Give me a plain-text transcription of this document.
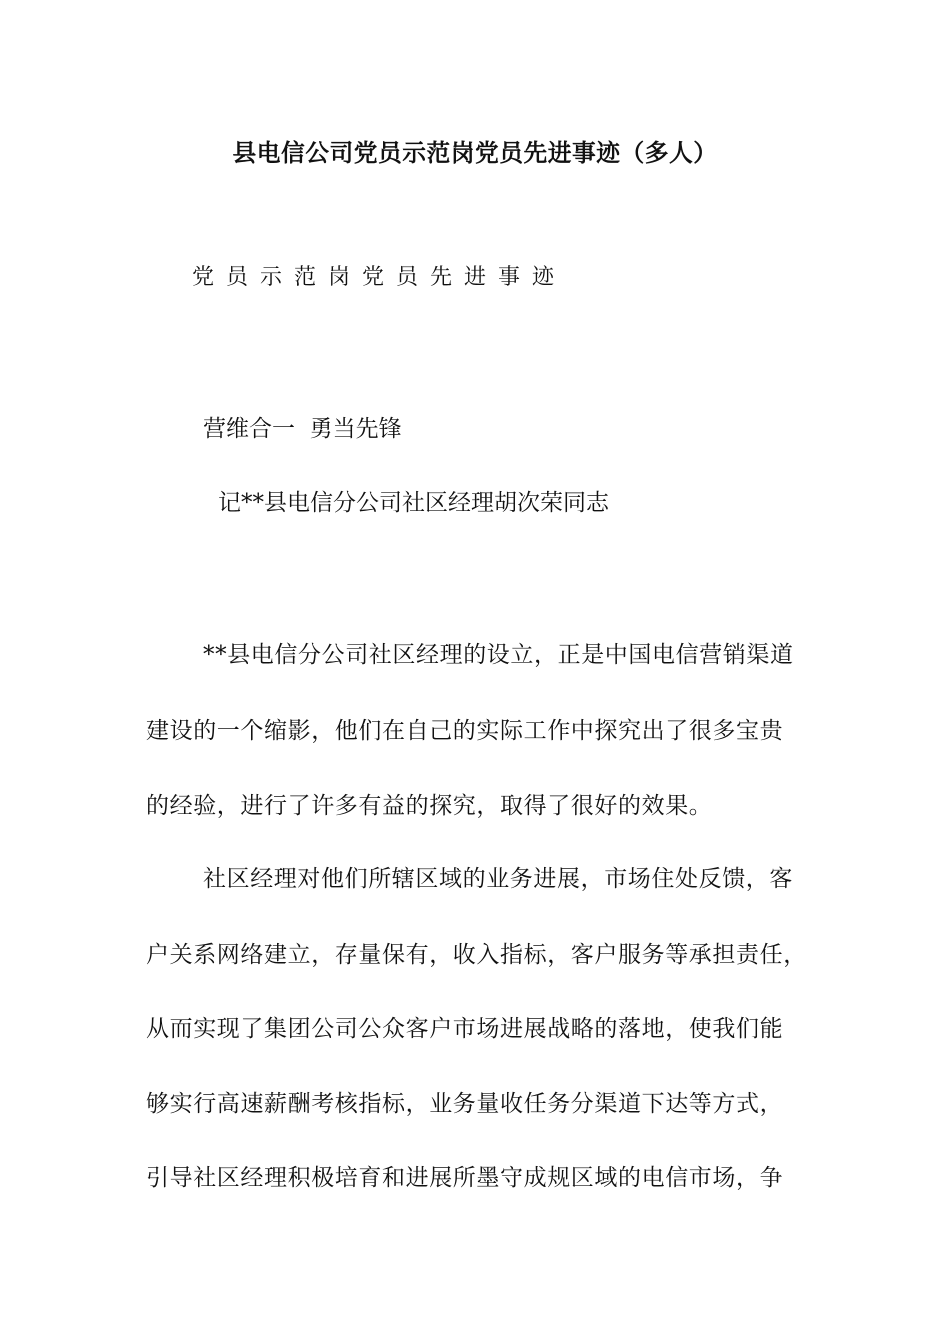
县电信公司党员示范岗党员先进事迹（多人）
党员示范岗党员先进事迹
营维合一  勇当先锋
记**县电信分公司社区经理胡次荣同志
**县电信分公司社区经理的设立，正是中国电信营销渠道
建设的一个缩影，他们在自己的实际工作中探究出了很多宝贵
的经验，进行了许多有益的探究，取得了很好的效果。
社区经理对他们所辖区域的业务进展，市场住处反馈，客
户关系网络建立，存量保有，收入指标，客户服务等承担责任，
从而实现了集团公司公众客户市场进展战略的落地，使我们能
够实行高速薪酬考核指标，业务量收任务分渠道下达等方式，
引导社区经理积极培育和进展所墨守成规区域的电信市场，争
